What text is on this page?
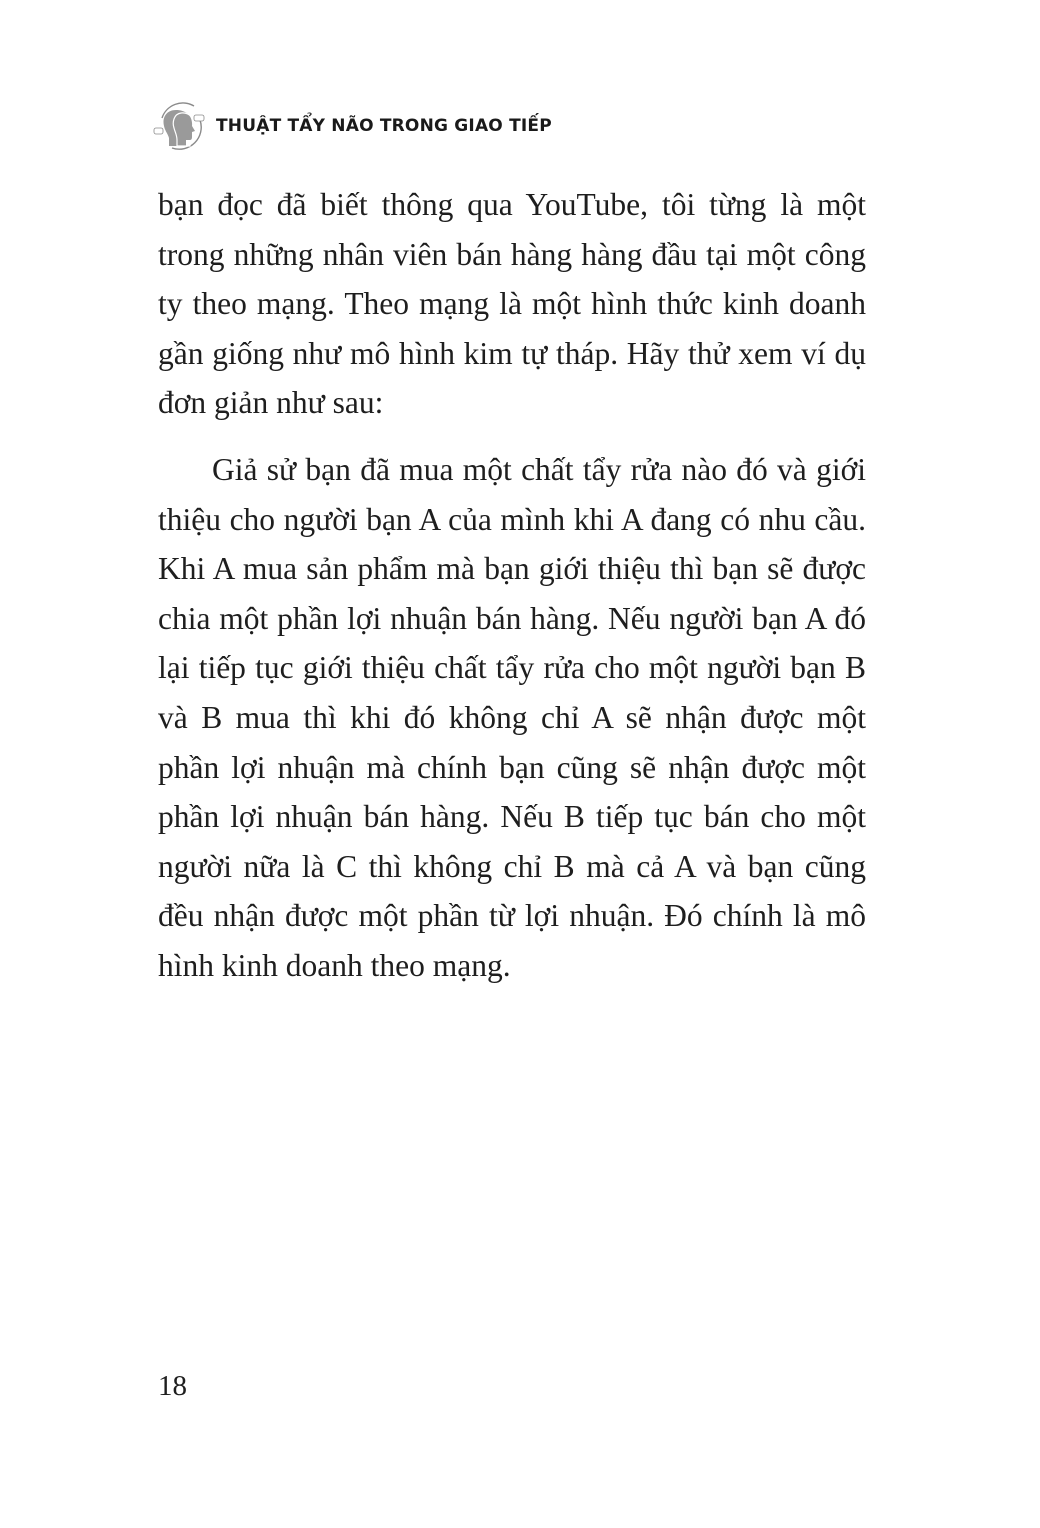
THUẬT TẨY NÃO TRONG GIAO TIẾP

bạn đọc đã biết thông qua YouTube, tôi từng là một trong những nhân viên bán hàng hàng đầu tại một công ty theo mạng. Theo mạng là một hình thức kinh doanh gần giống như mô hình kim tự tháp. Hãy thử xem ví dụ đơn giản như sau:

Giả sử bạn đã mua một chất tẩy rửa nào đó và giới thiệu cho người bạn A của mình khi A đang có nhu cầu. Khi A mua sản phẩm mà bạn giới thiệu thì bạn sẽ được chia một phần lợi nhuận bán hàng. Nếu người bạn A đó lại tiếp tục giới thiệu chất tẩy rửa cho một người bạn B và B mua thì khi đó không chỉ A sẽ nhận được một phần lợi nhuận mà chính bạn cũng sẽ nhận được một phần lợi nhuận bán hàng. Nếu B tiếp tục bán cho một người nữa là C thì không chỉ B mà cả A và bạn cũng đều nhận được một phần từ lợi nhuận. Đó chính là mô hình kinh doanh theo mạng.

18
